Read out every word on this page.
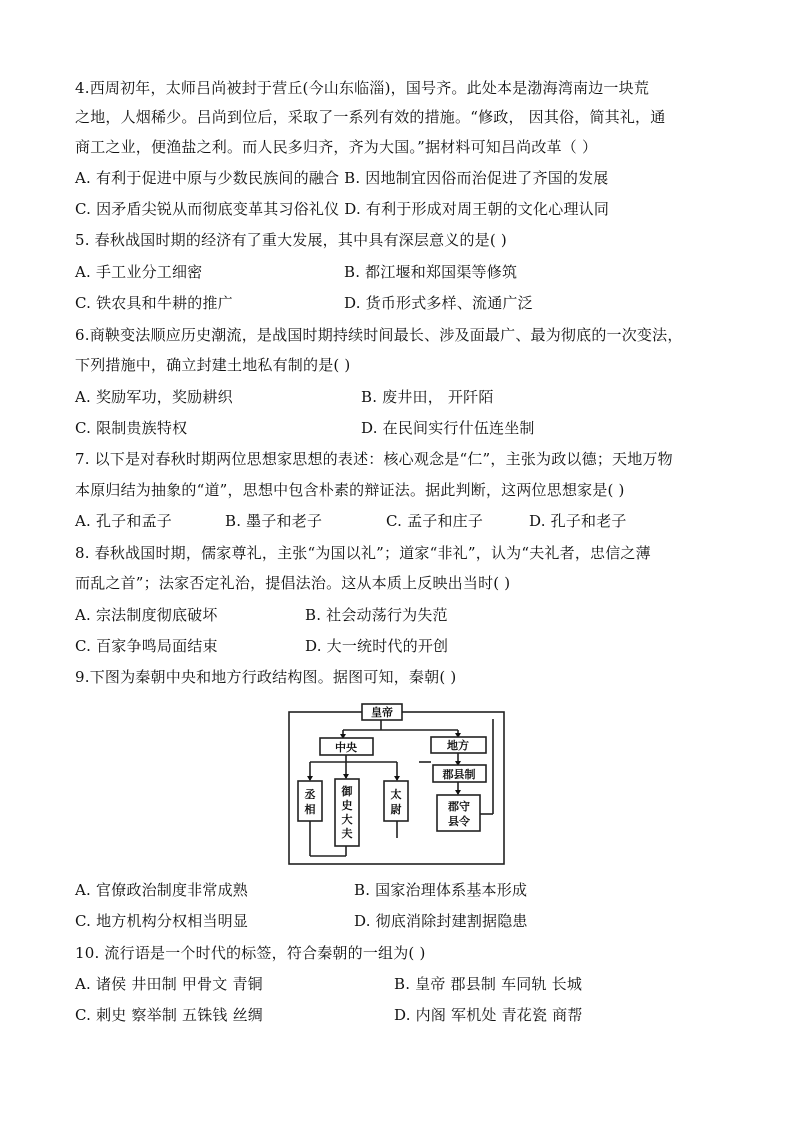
4.西周初年，太师吕尚被封于营丘(今山东临淄)，国号齐。此处本是渤海湾南边一块荒
之地，人烟稀少。吕尚到位后，采取了一系列有效的措施。“修政， 因其俗，简其礼，通
商工之业，便渔盐之利。而人民多归齐，齐为大国。”据材料可知吕尚改革（ ）
A. 有利于促进中原与少数民族间的融合 B. 因地制宜因俗而治促进了齐国的发展
C. 因矛盾尖锐从而彻底变革其习俗礼仪 D. 有利于形成对周王朝的文化心理认同
5. 春秋战国时期的经济有了重大发展，其中具有深层意义的是( )
A. 手工业分工细密	B. 都江堰和郑国渠等修筑
C. 铁农具和牛耕的推广	D. 货币形式多样、流通广泛
6.商鞅变法顺应历史潮流，是战国时期持续时间最长、涉及面最广、最为彻底的一次变法，
下列措施中，确立封建土地私有制的是( )
A. 奖励军功，奖励耕织	B. 废井田， 开阡陌
C. 限制贵族特权	D. 在民间实行什伍连坐制
7. 以下是对春秋时期两位思想家思想的表述：核心观念是“仁”，主张为政以德；天地万物
本原归结为抽象的“道”，思想中包含朴素的辩证法。据此判断，这两位思想家是( )
A. 孔子和孟子	B. 墨子和老子	C. 孟子和庄子	D. 孔子和老子
8. 春秋战国时期，儒家尊礼，主张“为国以礼”；道家“非礼”，认为“夫礼者，忠信之薄
而乱之首”；法家否定礼治，提倡法治。这从本质上反映出当时( )
A. 宗法制度彻底破坏	B. 社会动荡行为失范
C. 百家争鸣局面结束	D. 大一统时代的开创
9.下图为秦朝中央和地方行政结构图。据图可知，秦朝( )
皇帝
中央	地方
郡县制
丞
相
御
史
大
夫
太
尉	郡守
县令
A. 官僚政治制度非常成熟	B. 国家治理体系基本形成
C. 地方机构分权相当明显	D. 彻底消除封建割据隐患
10. 流行语是一个时代的标签，符合秦朝的一组为( )
A. 诸侯 井田制 甲骨文 青铜	B. 皇帝 郡县制 车同轨 长城
C. 刺史 察举制 五铢钱 丝绸	D. 内阁 军机处 青花瓷 商帮
